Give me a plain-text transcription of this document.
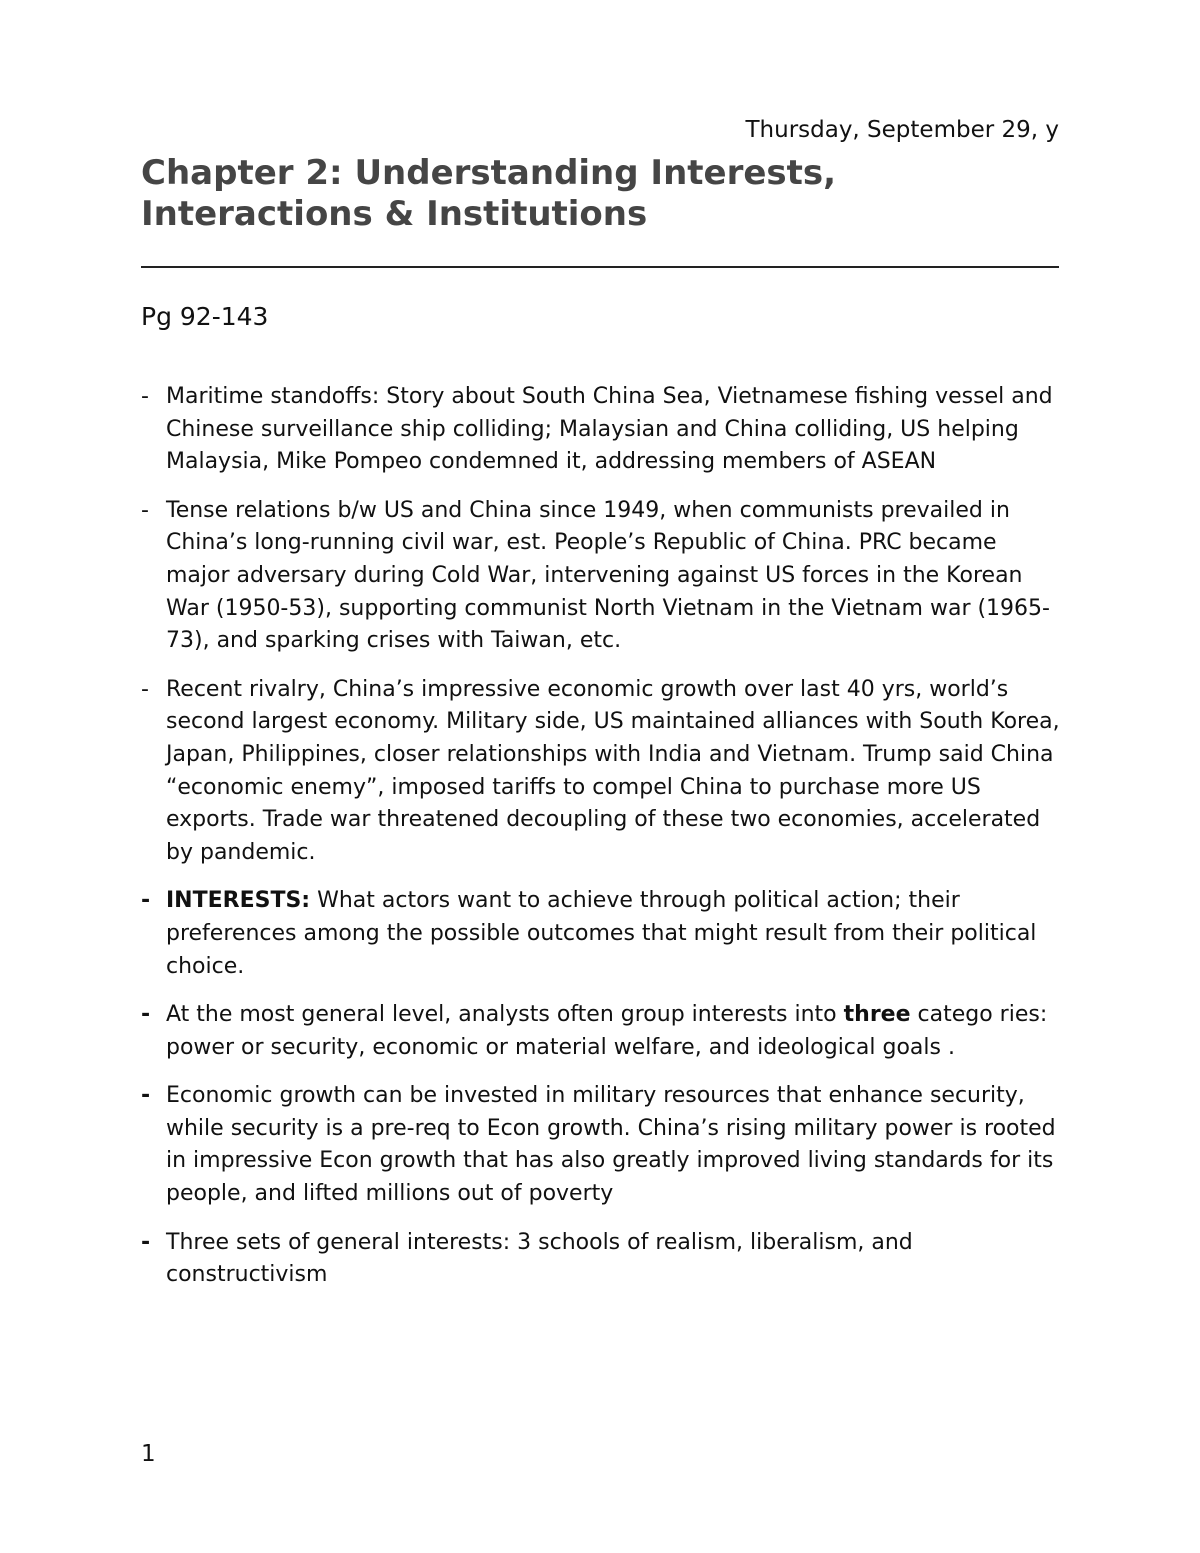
Thursday, September 29, y
Chapter 2: Understanding Interests,
Interactions & Institutions
Pg 92-143
- Maritime standoffs: Story about South China Sea, Vietnamese fishing vessel and Chinese surveillance ship colliding; Malaysian and China colliding, US helping Malaysia, Mike Pompeo condemned it, addressing members of ASEAN
- Tense relations b/w US and China since 1949, when communists prevailed in China’s long-running civil war, est. People’s Republic of China. PRC became major adversary during Cold War, intervening against US forces in the Korean War (1950-53), supporting communist North Vietnam in the Vietnam war (1965-73), and sparking crises with Taiwan, etc.
- Recent rivalry, China’s impressive economic growth over last 40 yrs, world’s second largest economy. Military side, US maintained alliances with South Korea, Japan, Philippines, closer relationships with India and Vietnam. Trump said China “economic enemy”, imposed tariffs to compel China to purchase more US exports. Trade war threatened decoupling of these two economies, accelerated by pandemic.
- INTERESTS: What actors want to achieve through political action; their preferences among the possible outcomes that might result from their political choice.
- At the most general level, analysts often group interests into three catego ries: power or security, economic or material welfare, and ideological goals .
- Economic growth can be invested in military resources that enhance security, while security is a pre-req to Econ growth. China’s rising military power is rooted in impressive Econ growth that has also greatly improved living standards for its people, and lifted millions out of poverty
- Three sets of general interests: 3 schools of realism, liberalism, and constructivism
1
